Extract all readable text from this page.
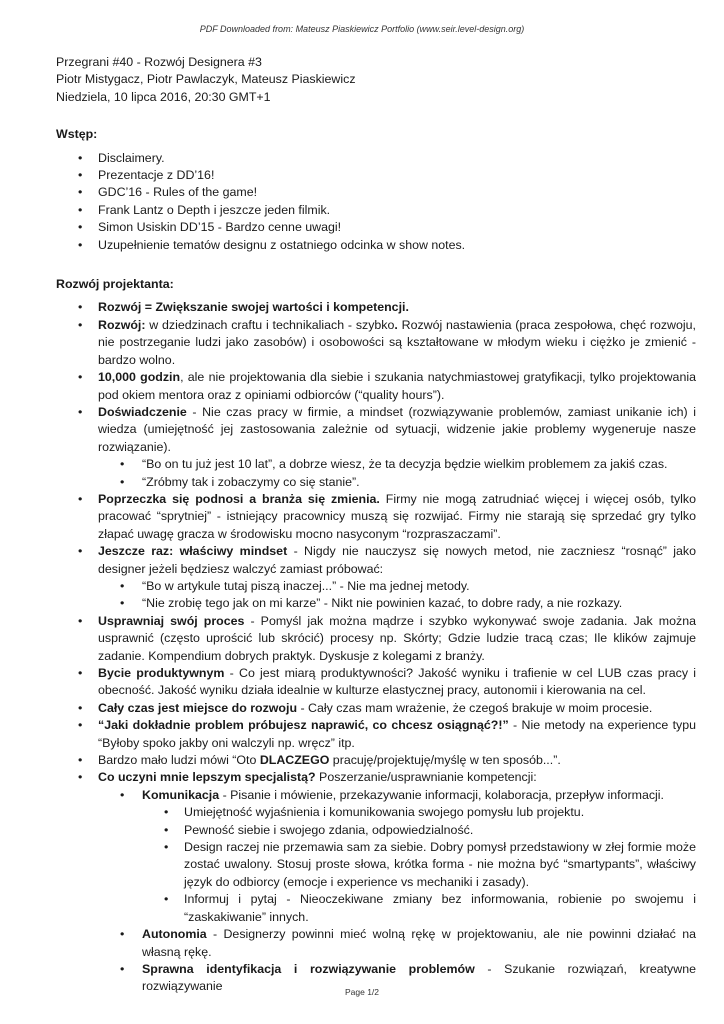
PDF Downloaded from: Mateusz Piaskiewicz Portfolio (www.seir.level-design.org)
Przegrani #40 - Rozwój Designera #3
Piotr Mistygacz, Piotr Pawlaczyk, Mateusz Piaskiewicz
Niedziela, 10 lipca 2016, 20:30 GMT+1
Wstęp:
• Disclaimery.
• Prezentacje z DD’16!
• GDC’16 - Rules of the game!
• Frank Lantz o Depth i jeszcze jeden filmik.
• Simon Usiskin DD’15 - Bardzo cenne uwagi!
• Uzupełnienie tematów designu z ostatniego odcinka w show notes.
Rozwój projektanta:
• Rozwój = Zwiększanie swojej wartości i kompetencji.
• Rozwój: w dziedzinach craftu i technikaliach - szybko. Rozwój nastawienia (praca zespołowa, chęć rozwoju, nie postrzeganie ludzi jako zasobów) i osobowości są kształtowane w młodym wieku i ciężko je zmienić - bardzo wolno.
• 10,000 godzin, ale nie projektowania dla siebie i szukania natychmiastowej gratyfikacji, tylko projektowania pod okiem mentora oraz z opiniami odbiorców (“quality hours”).
• Doświadczenie - Nie czas pracy w firmie, a mindset (rozwiązywanie problemów, zamiast unikanie ich) i wiedza (umiejętność jej zastosowania zależnie od sytuacji, widzenie jakie problemy wygeneruje nasze rozwiązanie).
• “Bo on tu już jest 10 lat”, a dobrze wiesz, że ta decyzja będzie wielkim problemem za jakiś czas.
• “Zróbmy tak i zobaczymy co się stanie”.
• Poprzeczka się podnosi a branża się zmienia. Firmy nie mogą zatrudniać więcej i więcej osób, tylko pracować “sprytniej” - istniejący pracownicy muszą się rozwijać. Firmy nie starają się sprzedać gry tylko złapać uwagę gracza w środowisku mocno nasyconym “rozpraszaczami”.
• Jeszcze raz: właściwy mindset - Nigdy nie nauczysz się nowych metod, nie zaczniesz “rosnąć” jako designer jeżeli będziesz walczyć zamiast próbować:
• “Bo w artykule tutaj piszą inaczej...” - Nie ma jednej metody.
• “Nie zrobię tego jak on mi karze” - Nikt nie powinien kazać, to dobre rady, a nie rozkazy.
• Usprawniaj swój proces - Pomyśl jak można mądrze i szybko wykonywać swoje zadania. Jak można usprawnić (często uprościć lub skrócić) procesy np. Skórty; Gdzie ludzie tracą czas; Ile klików zajmuje zadanie. Kompendium dobrych praktyk. Dyskusje z kolegami z branży.
• Bycie produktywnym - Co jest miarą produktywności? Jakość wyniku i trafienie w cel LUB czas pracy i obecność. Jakość wyniku działa idealnie w kulturze elastycznej pracy, autonomii i kierowania na cel.
• Cały czas jest miejsce do rozwoju - Cały czas mam wrażenie, że czegoś brakuje w moim procesie.
• “Jaki dokładnie problem próbujesz naprawić, co chcesz osiągnąć?!” - Nie metody na experience typu “Byłoby spoko jakby oni walczyli np. wręcz” itp.
• Bardzo mało ludzi mówi “Oto DLACZEGO pracuję/projektuję/myślę w ten sposób...”.
• Co uczyni mnie lepszym specjalistą? Poszerzanie/usprawnianie kompetencji:
• Komunikacja - Pisanie i mówienie, przekazywanie informacji, kolaboracja, przepływ informacji.
• Umiejętność wyjaśnienia i komunikowania swojego pomysłu lub projektu.
• Pewność siebie i swojego zdania, odpowiedzialność.
• Design raczej nie przemawia sam za siebie. Dobry pomysł przedstawiony w złej formie może zostać uwalony. Stosuj proste słowa, krótka forma - nie można być “smartypants”, właściwy język do odbiorcy (emocje i experience vs mechaniki i zasady).
• Informuj i pytaj - Nieoczekiwane zmiany bez informowania, robienie po swojemu i “zaskakiwanie” innych.
• Autonomia - Designerzy powinni mieć wolną rękę w projektowaniu, ale nie powinni działać na własną rękę.
• Sprawna identyfikacja i rozwiązywanie problemów - Szukanie rozwiązań, kreatywne rozwiązywanie	Page 1/2
